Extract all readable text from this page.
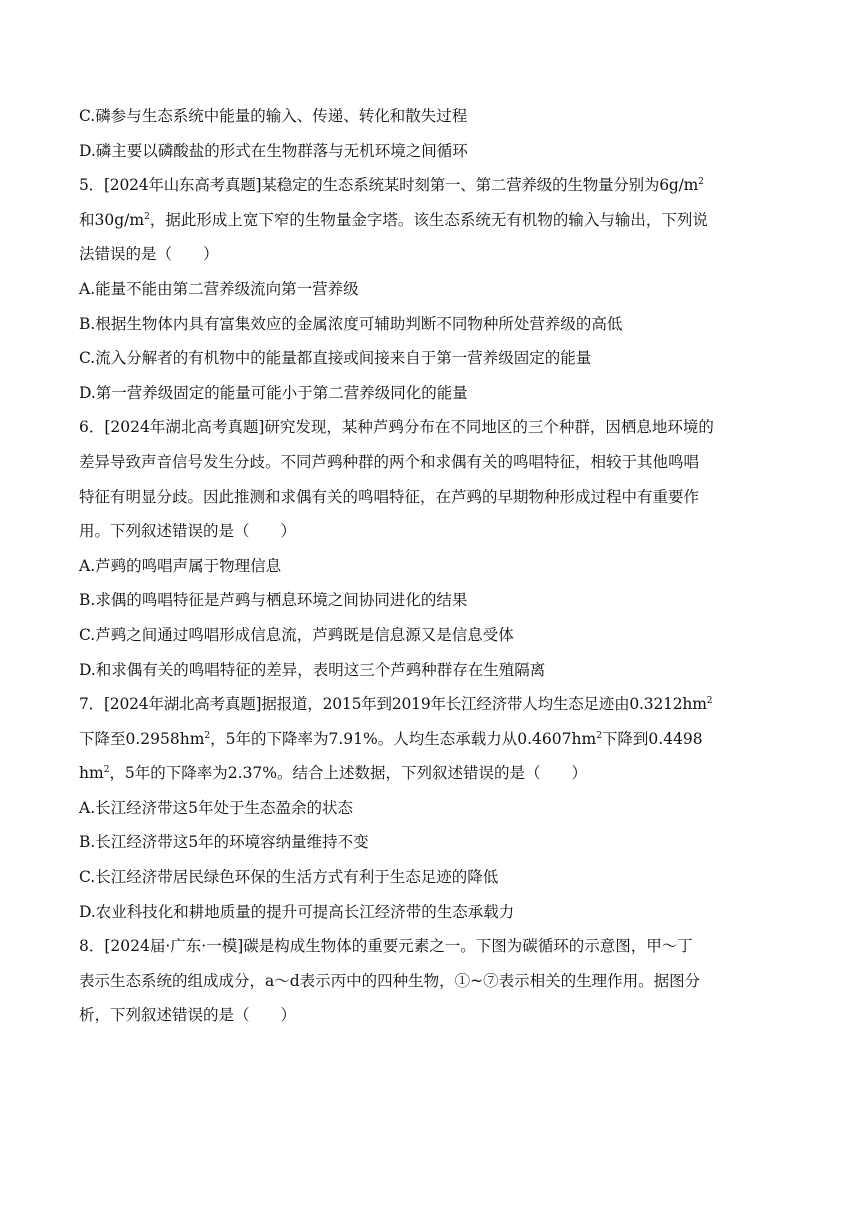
C.磷参与生态系统中能量的输入、传递、转化和散失过程
D.磷主要以磷酸盐的形式在生物群落与无机环境之间循环
5．[2024年山东高考真题]某稳定的生态系统某时刻第一、第二营养级的生物量分别为$6g/m^2$
和$30g/m^2$，据此形成上宽下窄的生物量金字塔。该生态系统无有机物的输入与输出，下列说
法错误的是（　　）
A.能量不能由第二营养级流向第一营养级
B.根据生物体内具有富集效应的金属浓度可辅助判断不同物种所处营养级的高低
C.流入分解者的有机物中的能量都直接或间接来自于第一营养级固定的能量
D.第一营养级固定的能量可能小于第二营养级同化的能量
6．[2024年湖北高考真题]研究发现，某种芦鹀分布在不同地区的三个种群，因栖息地环境的
差异导致声音信号发生分歧。不同芦鹀种群的两个和求偶有关的鸣唱特征，相较于其他鸣唱
特征有明显分歧。因此推测和求偶有关的鸣唱特征，在芦鹀的早期物种形成过程中有重要作
用。下列叙述错误的是（　　）
A.芦鹀的鸣唱声属于物理信息
B.求偶的鸣唱特征是芦鹀与栖息环境之间协同进化的结果
C.芦鹀之间通过鸣唱形成信息流，芦鹀既是信息源又是信息受体
D.和求偶有关的鸣唱特征的差异，表明这三个芦鹀种群存在生殖隔离
7．[2024年湖北高考真题]据报道，2015年到2019年长江经济带人均生态足迹由$0.3212hm^2$
下降至$0.2958hm^2$，5年的下降率为7.91%。人均生态承载力从$0.4607hm^2$下降到0.4498
$hm^2$，5年的下降率为2.37%。结合上述数据，下列叙述错误的是（　　）
A.长江经济带这5年处于生态盈余的状态
B.长江经济带这5年的环境容纳量维持不变
C.长江经济带居民绿色环保的生活方式有利于生态足迹的降低
D.农业科技化和耕地质量的提升可提高长江经济带的生态承载力
8．[2024届·广东·一模]碳是构成生物体的重要元素之一。下图为碳循环的示意图，甲～丁
表示生态系统的组成成分，a～d表示丙中的四种生物，①~⑦表示相关的生理作用。据图分
析，下列叙述错误的是（　　）
